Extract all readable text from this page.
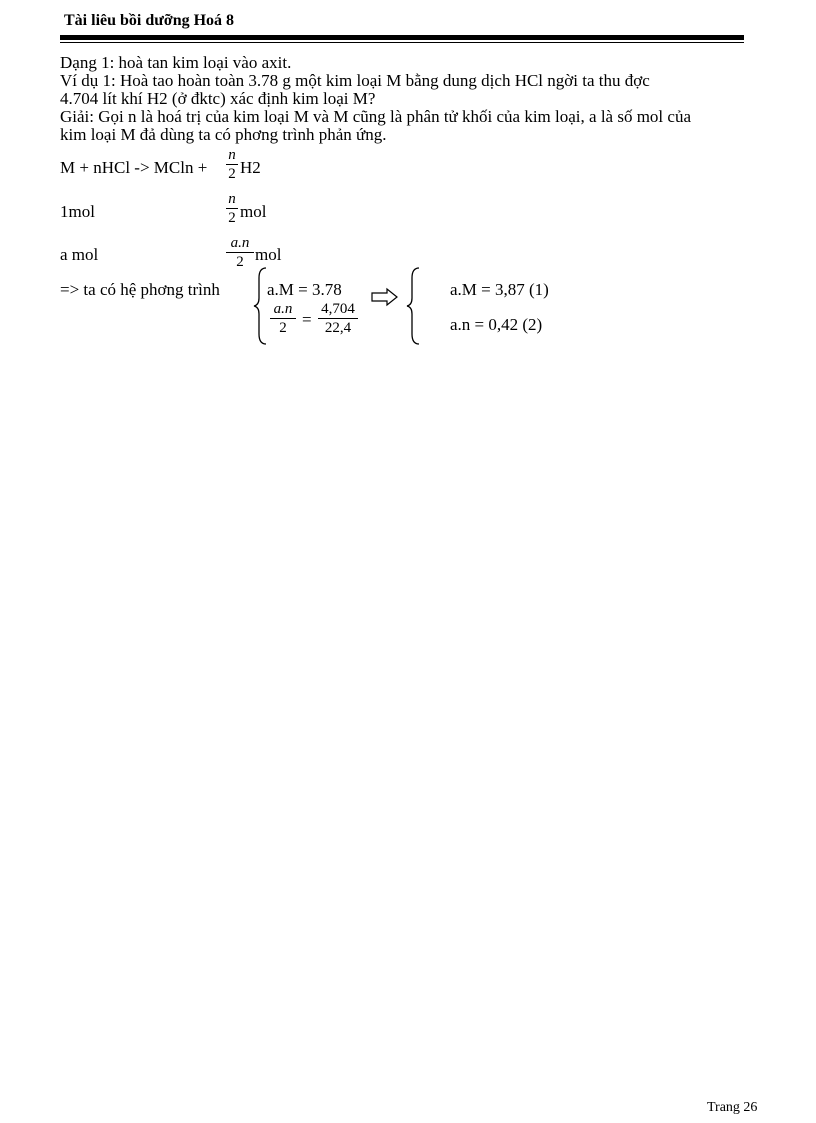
Tài liêu bồi dưỡng Hoá 8
Dạng 1: hoà tan kim loại vào axit.
Ví dụ 1: Hoà tao hoàn toàn 3.78 g một kim loại M bằng dung dịch HCl ngời ta thu đợc
4.704 lít khí H2 (ở đktc) xác định kim loại M?
Giải: Gọi n là hoá trị của kim loại M và M cũng là phân tử khối của kim loại, a là số mol của
kim loại M đả dùng ta có phơng trình phản ứng.
M + nHCl -> MCln +
n
2 H2
1mol
n
2 mol
a mol
a.n
2 mol
=> ta có hệ phơng trình	a.M = 3.78
a.n
2 =
4,704
22,4
a.M = 3,87 (1)
a.n = 0,42 (2)
Trang 26
